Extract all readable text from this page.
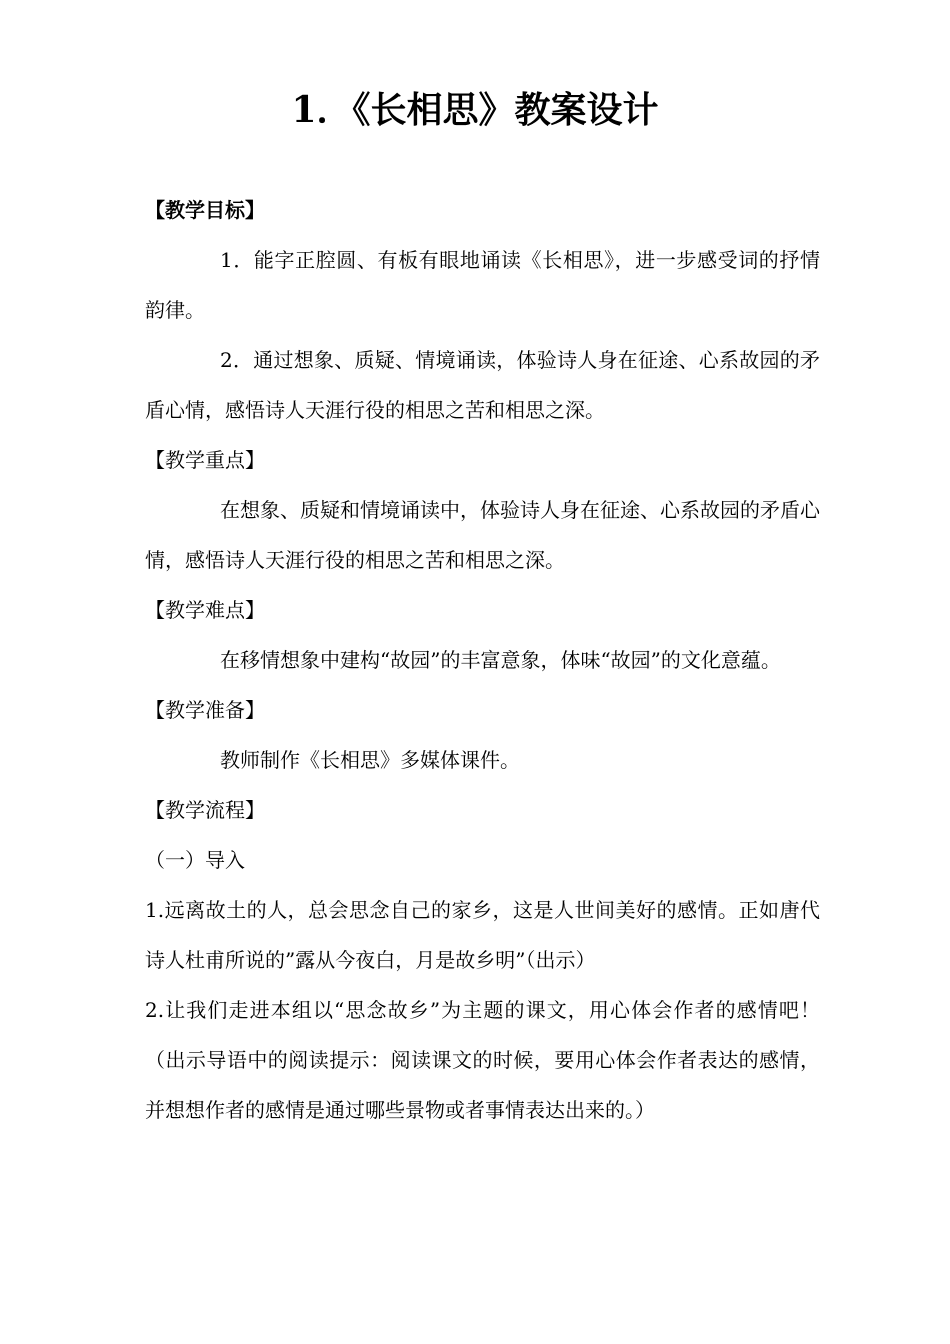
1．《长相思》教案设计

【教学目标】

1．能字正腔圆、有板有眼地诵读《长相思》，进一步感受词的抒情韵律。

2．通过想象、质疑、情境诵读，体验诗人身在征途、心系故园的矛盾心情，感悟诗人天涯行役的相思之苦和相思之深。

【教学重点】

在想象、质疑和情境诵读中，体验诗人身在征途、心系故园的矛盾心情，感悟诗人天涯行役的相思之苦和相思之深。

【教学难点】

在移情想象中建构“故园”的丰富意象，体味“故园”的文化意蕴。

【教学准备】

教师制作《长相思》多媒体课件。

【教学流程】

（一）导入

1.远离故土的人，总会思念自己的家乡，这是人世间美好的感情。正如唐代诗人杜甫所说的”露从今夜白，月是故乡明”（出示）

2.让我们走进本组以“思念故乡”为主题的课文，用心体会作者的感情吧！（出示导语中的阅读提示：阅读课文的时候，要用心体会作者表达的感情，并想想作者的感情是通过哪些景物或者事情表达出来的。）
